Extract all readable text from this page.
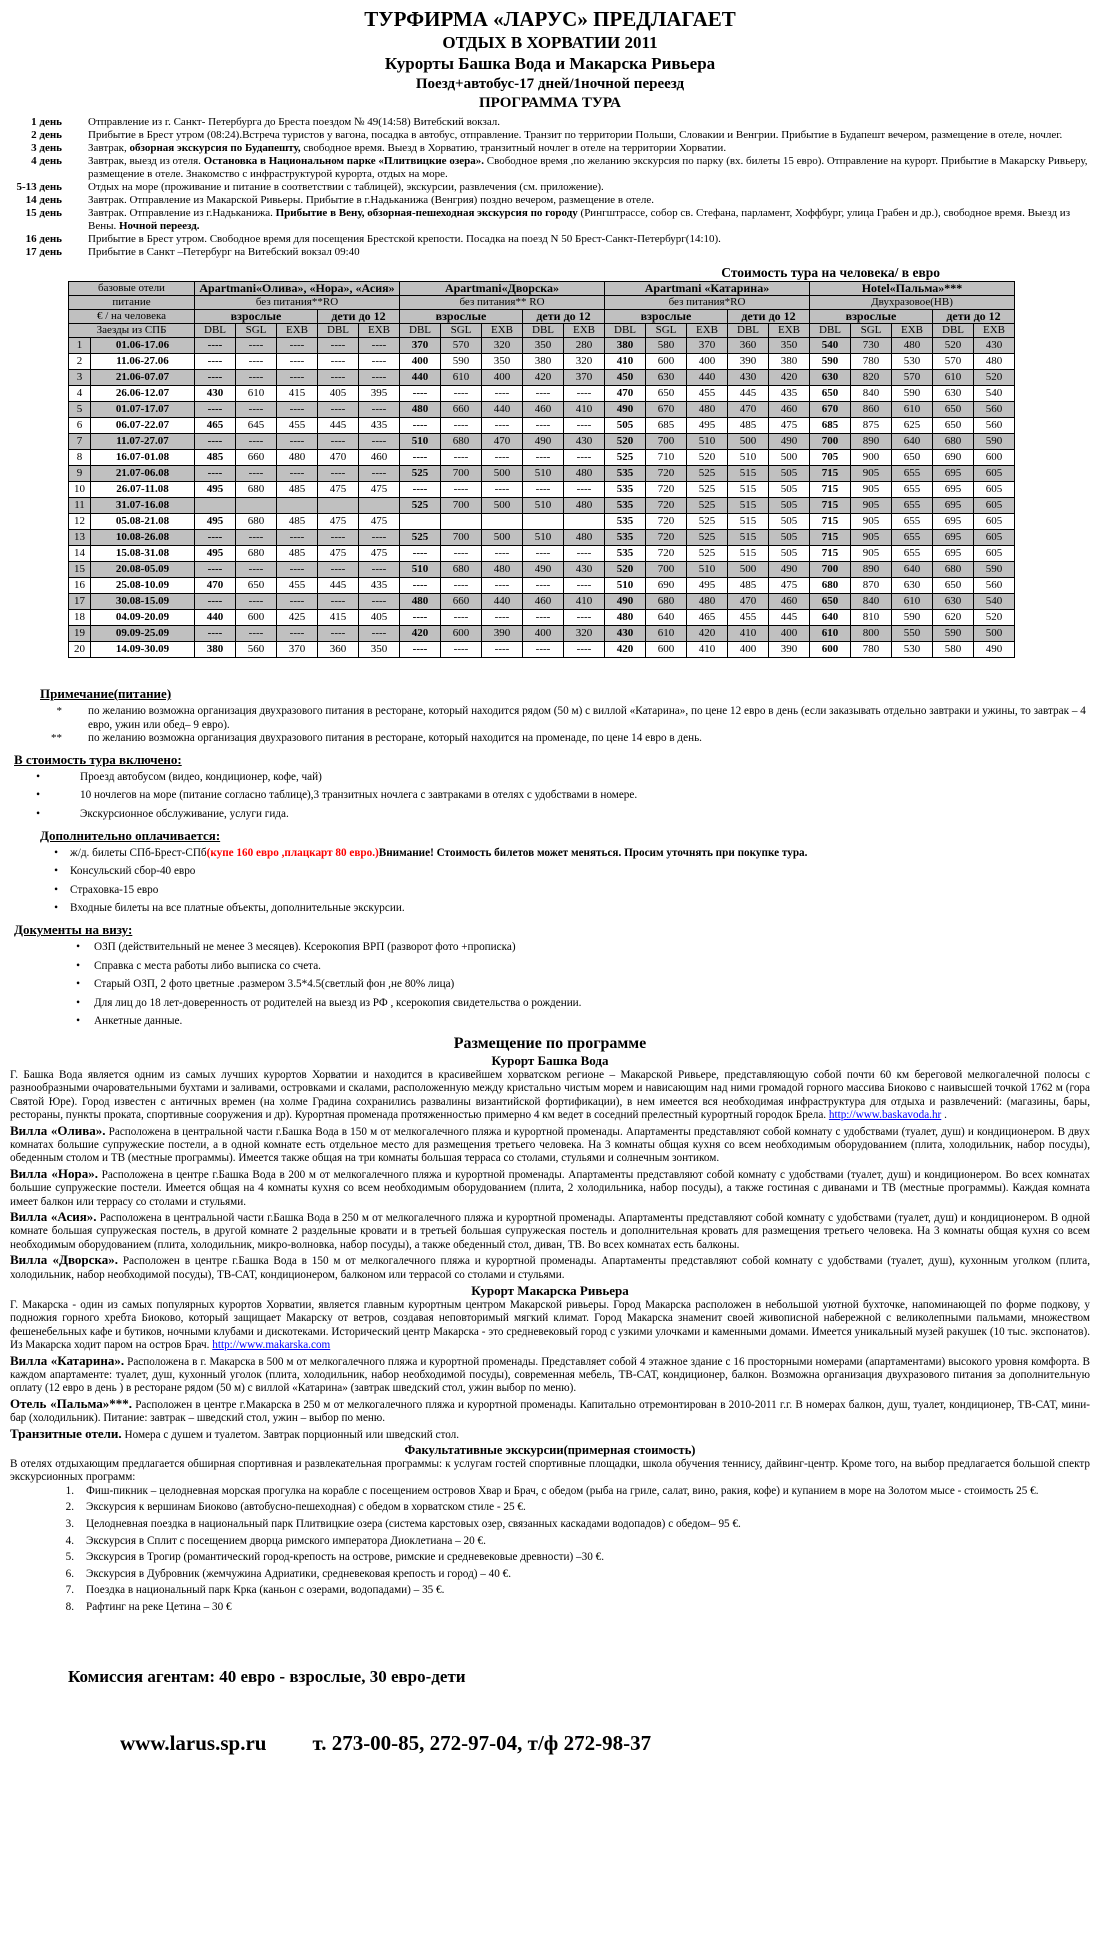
ТУРФИРМА «ЛАРУС» ПРЕДЛАГАЕТ
ОТДЫХ В ХОРВАТИИ 2011
Курорты Башка Вода и Макарска Ривьера
Поезд+автобус-17 дней/1ночной переезд
ПРОГРАММА ТУРА
1 день	Отправление из г. Санкт- Петербурга до Бреста поездом № 49(14:58) Витебский вокзал.
2 день	Прибытие в Брест утром (08:24).Встреча туристов у вагона, посадка в автобус, отправление. Транзит по территории Польши, Словакии и Венгрии. Прибытие в Будапешт вечером, размещение в отеле, ночлег.
3 день	Завтрак, обзорная экскурсия по Будапешту, свободное время. Выезд в Хорватию, транзитный ночлег в отеле на территории Хорватии.
4 день	Завтрак, выезд из отеля. Остановка в Национальном парке «Плитвицкие озера». Свободное время ,по желанию экскурсия по парку (вх. билеты 15 евро). Отправление на курорт. Прибытие в Макарску Ривьеру, размещение в отеле. Знакомство с инфраструктурой курорта, отдых на море.
5-13 день	Отдых на море (проживание и питание в соответствии с таблицей), экскурсии, развлечения (см. приложение).
14 день	Завтрак. Отправление из Макарской Ривьеры. Прибытие в г.Надьканижа (Венгрия) поздно вечером, размещение в отеле.
15 день	Завтрак. Отправление из г.Надьканижа. Прибытие в Вену, обзорная-пешеходная экскурсия по городу (Рингштрассе, собор св. Стефана, парламент, Хоффбург, улица Грабен и др.), свободное время. Выезд из Вены. Ночной переезд.
16 день	Прибытие в Брест утром. Свободное время для посещения Брестской крепости. Посадка на поезд N 50 Брест-Санкт-Петербург(14:10).
17 день	Прибытие в Санкт –Петербург на Витебский вокзал 09:40
Стоимость тура на человека/ в евро
базовые отели		Apartmani«Олива», «Нора», «Асия»					Apartmani«Дворска»					Apartmani «Катарина»					Hotel«Пальма»***				
питание		без питания**RO					без питания** RO					без питания*RO					Двухразовое(НВ)				
€ / на человека		взрослые			дети до 12		взрослые			дети до 12		взрослые			дети до 12		взрослые			дети до 12	
Заезды из СПБ		DBL	SGL	EXB	DBL	EXB	DBL	SGL	EXB	DBL	EXB	DBL	SGL	EXB	DBL	EXB	DBL	SGL	EXB	DBL	EXB
1	01.06-17.06	----	----	----	----	----	370	570	320	350	280	380	580	370	360	350	540	730	480	520	430
2	11.06-27.06	----	----	----	----	----	400	590	350	380	320	410	600	400	390	380	590	780	530	570	480
3	21.06-07.07	----	----	----	----	----	440	610	400	420	370	450	630	440	430	420	630	820	570	610	520
4	26.06-12.07	430	610	415	405	395	----	----	----	----	----	470	650	455	445	435	650	840	590	630	540
5	01.07-17.07	----	----	----	----	----	480	660	440	460	410	490	670	480	470	460	670	860	610	650	560
6	06.07-22.07	465	645	455	445	435	----	----	----	----	----	505	685	495	485	475	685	875	625	650	560
7	11.07-27.07	----	----	----	----	----	510	680	470	490	430	520	700	510	500	490	700	890	640	680	590
8	16.07-01.08	485	660	480	470	460	----	----	----	----	----	525	710	520	510	500	705	900	650	690	600
9	21.07-06.08	----	----	----	----	----	525	700	500	510	480	535	720	525	515	505	715	905	655	695	605
10	26.07-11.08	495	680	485	475	475	----	----	----	----	----	535	720	525	515	505	715	905	655	695	605
11	31.07-16.08						525	700	500	510	480	535	720	525	515	505	715	905	655	695	605
12	05.08-21.08	495	680	485	475	475						535	720	525	515	505	715	905	655	695	605
13	10.08-26.08	----	----	----	----	----	525	700	500	510	480	535	720	525	515	505	715	905	655	695	605
14	15.08-31.08	495	680	485	475	475	----	----	----	----	----	535	720	525	515	505	715	905	655	695	605
15	20.08-05.09	----	----	----	----	----	510	680	480	490	430	520	700	510	500	490	700	890	640	680	590
16	25.08-10.09	470	650	455	445	435	----	----	----	----	----	510	690	495	485	475	680	870	630	650	560
17	30.08-15.09	----	----	----	----	----	480	660	440	460	410	490	680	480	470	460	650	840	610	630	540
18	04.09-20.09	440	600	425	415	405	----	----	----	----	----	480	640	465	455	445	640	810	590	620	520
19	09.09-25.09	----	----	----	----	----	420	600	390	400	320	430	610	420	410	400	610	800	550	590	500
20	14.09-30.09	380	560	370	360	350	----	----	----	----	----	420	600	410	400	390	600	780	530	580	490
Примечание(питание)
*	по желанию возможна организация двухразового питания в ресторане, который находится рядом (50 м) с виллой «Катарина», по цене 12 евро в день (если заказывать отдельно завтраки и ужины, то завтрак – 4 евро, ужин или обед– 9 евро).
**	по желанию возможна организация двухразового питания в ресторане, который находится на променаде, по цене 14 евро в день.
В стоимость тура включено:
•	Проезд автобусом (видео, кондиционер, кофе, чай)
•	10 ночлегов на море (питание согласно таблице),3 транзитных ночлега с завтраками в отелях с удобствами в номере.
•	Экскурсионное обслуживание, услуги гида.
Дополнительно оплачивается:
•	ж/д. билеты СПб-Брест-СПб(купе 160 евро ,плацкарт 80 евро.)Внимание! Стоимость билетов может меняться. Просим уточнять при покупке тура.
•	Консульский сбор-40 евро
•	Страховка-15 евро
•	Входные билеты на все платные объекты, дополнительные экскурсии.
Документы на визу:
•	ОЗП (действительный не менее 3 месяцев). Ксерокопия ВРП (разворот фото +прописка)
•	Справка с места работы либо выписка со счета.
•	Старый ОЗП, 2 фото цветные .размером 3.5*4.5(светлый фон ,не 80% лица)
•	Для лиц до 18 лет-доверенность от родителей на выезд из РФ , ксерокопия свидетельства о рождении.
•	Анкетные данные.
Размещение по программе
Курорт Башка Вода

Г. Башка Вода является одним из самых лучших курортов Хорватии и находится в красивейшем хорватском регионе – Макарской Ривьере, представляющую собой почти 60 км береговой мелкогалечной полосы с разнообразными очаровательными бухтами и заливами, островками и скалами, расположенную между кристально чистым морем и нависающим над ними громадой горного массива Биоково с наивысшей точкой 1762 м (гора Святой Юре). Город известен с античных времен (на холме Градина сохранились развалины византийской фортификации), в нем имеется вся необходимая инфраструктура для отдыха и развлечений: (магазины, бары, рестораны, пункты проката, спортивные сооружения и др). Курортная променада протяженностью примерно 4 км ведет в соседний прелестный курортный городок Брела. http://www.baskavoda.hr .

Вилла «Олива». Расположена в центральной части г.Башка Вода в 150 м от мелкогалечного пляжа и курортной променады. Апартаменты представляют собой комнату с удобствами (туалет, душ) и кондиционером. В двух комнатах большие супружеские постели, а в одной комнате есть отдельное место для размещения третьего человека. На 3 комнаты общая кухня со всем необходимым оборудованием (плита, холодильник, набор посуды), обеденным столом и ТВ (местные программы). Имеется также общая на три комнаты большая терраса со столами, стульями и солнечным зонтиком.

Вилла «Нора». Расположена в центре г.Башка Вода в 200 м от мелкогалечного пляжа и курортной променады. Апартаменты представляют собой комнату с удобствами (туалет, душ) и кондиционером. Во всех комнатах большие супружеские постели. Имеется общая на 4 комнаты кухня со всем необходимым оборудованием (плита, 2 холодильника, набор посуды), а также гостиная с диванами и ТВ (местные программы). Каждая комната имеет балкон или террасу со столами и стульями.

Вилла «Асия». Расположена в центральной части г.Башка Вода в 250 м от мелкогалечного пляжа и курортной променады. Апартаменты представляют собой комнату с удобствами (туалет, душ) и кондиционером. В одной комнате большая супружеская постель, в другой комнате 2 раздельные кровати и в третьей большая супружеская постель и дополнительная кровать для размещения третьего человека. На 3 комнаты общая кухня со всем необходимым оборудованием (плита, холодильник, микро-волновка, набор посуды), а также обеденный стол, диван, ТВ. Во всех комнатах есть балконы.

Вилла «Дворска». Расположен в центре г.Башка Вода в 150 м от мелкогалечного пляжа и курортной променады. Апартаменты представляют собой комнату с удобствами (туалет, душ), кухонным уголком (плита, холодильник, набор необходимой посуды), ТВ-САТ, кондиционером, балконом или террасой со столами и стульями.

Курорт Макарска Ривьера

Г. Макарска - один из самых популярных курортов Хорватии, является главным курортным центром Макарской ривьеры. Город Макарска расположен в небольшой уютной бухточке, напоминающей по форме подкову, у подножия горного хребта Биоково, который защищает Макарску от ветров, создавая неповторимый мягкий климат. Город Макарска знаменит своей живописной набережной с великолепными пальмами, множеством фешенебельных кафе и бутиков, ночными клубами и дискотеками. Исторический центр Макарска - это средневековый город с узкими улочками и каменными домами. Имеется уникальный музей ракушек (10 тыс. экспонатов). Из Макарска ходит паром на остров Брач. http://www.makarska.com

Вилла «Катарина». Расположена в г. Макарска в 500 м от мелкогалечного пляжа и курортной променады. Представляет собой 4 этажное здание с 16 просторными номерами (апартаментами) высокого уровня комфорта. В каждом апартаменте: туалет, душ, кухонный уголок (плита, холодильник, набор необходимой посуды), современная мебель, ТВ-САТ, кондиционер, балкон. Возможна организация двухразового питания за дополнительную оплату (12 евро в день ) в ресторане рядом (50 м) с виллой «Катарина» (завтрак шведский стол, ужин выбор по меню).

Отель «Пальма»***. Расположен в центре г.Макарска в 250 м от мелкогалечного пляжа и курортной променады. Капитально отремонтирован в 2010-2011 г.г. В номерах балкон, душ, туалет, кондиционер, ТВ-САТ, мини-бар (холодильник). Питание: завтрак – шведский стол, ужин – выбор по меню.

Транзитные отели. Номера с душем и туалетом. Завтрак порционный или шведский стол.

Факультативные экскурсии(примерная стоимость)
В отелях отдыхающим предлагается обширная спортивная и развлекательная программы: к услугам гостей спортивные площадки, школа обучения теннису, дайвинг-центр. Кроме того, на выбор предлагается большой спектр экскурсионных программ:
1.	Фиш-пикник – целодневная морская прогулка на корабле с посещением островов Хвар и Брач, с обедом (рыба на гриле, салат, вино, ракия, кофе) и купанием в море на Золотом мысе - стоимость 25 €.
2.	Экскурсия к вершинам Биоково (автобусно-пешеходная) с обедом в хорватском стиле - 25 €.
3.	Целодневная поездка в национальный парк Плитвицкие озера (система карстовых озер, связанных каскадами водопадов) с обедом– 95 €.
4.	Экскурсия в Сплит с посещением дворца римского императора Диоклетиана – 20 €.
5.	Экскурсия в Трогир (романтический город-крепость на острове, римские и средневековые древности) –30 €.
6.	Экскурсия в Дубровник (жемчужина Адриатики, средневековая крепость и город) – 40 €.
7.	Поездка в национальный парк Крка (каньон с озерами, водопадами) – 35 €.
8.	Рафтинг на реке Цетина – 30 €
Комиссия агентам: 40 евро - взрослые, 30 евро-дети
www.larus.sp.ru т. 273-00-85, 272-97-04, т/ф 272-98-37
